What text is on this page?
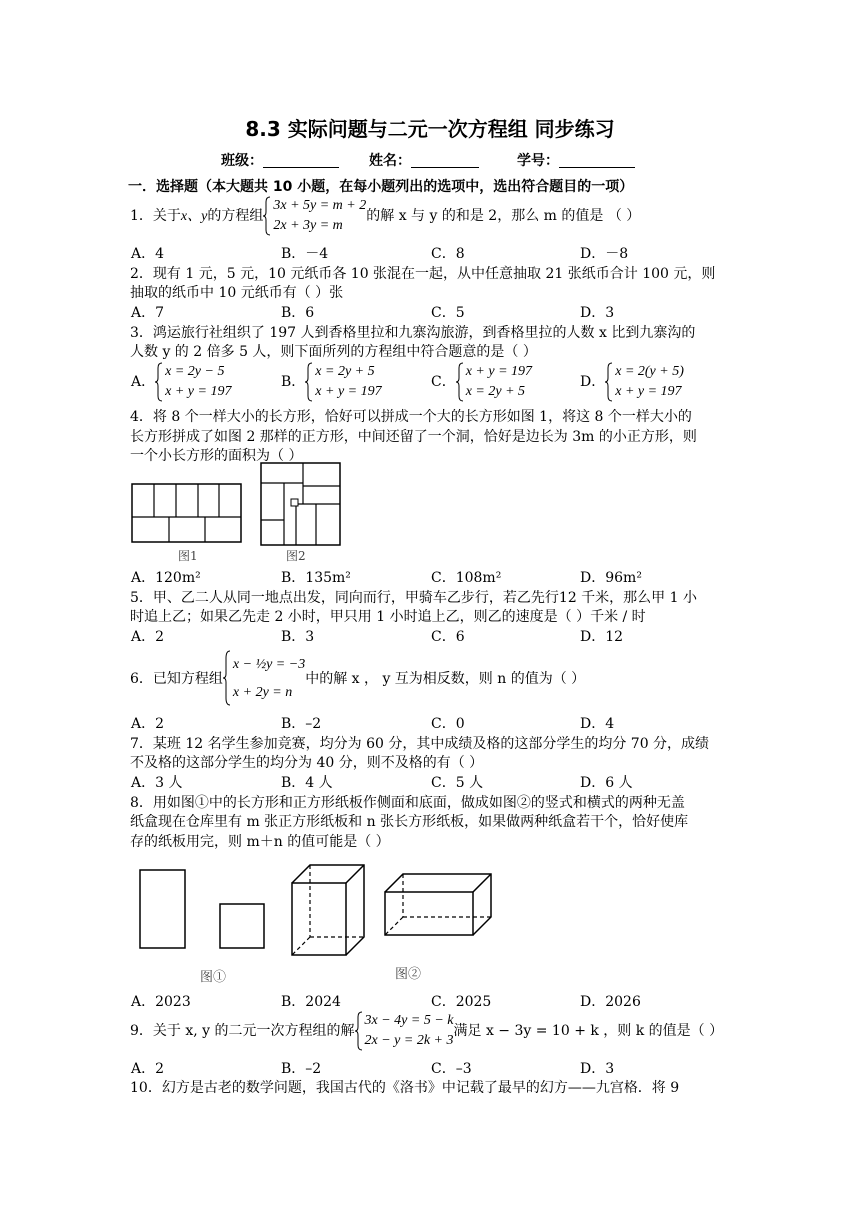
8.3 实际问题与二元一次方程组 同步练习
班级：	姓名：	学号：
一．选择题（本大题共 10 小题，在每小题列出的选项中，选出符合题目的一项）
1．关于x、y的方程组
3x + 5y = m + 2
2x + 3y = m
的解 x 与 y 的和是 2，那么 m 的值是 （ ）
A．4	B．－4	C．8	D．－8
2．现有 1 元，5 元，10 元纸币各 10 张混在一起，从中任意抽取 21 张纸币合计 100 元，则
抽取的纸币中 10 元纸币有（ ）张
A．7	B．6	C．5	D．3
3．鸿运旅行社组织了 197 人到香格里拉和九寨沟旅游，到香格里拉的人数 x 比到九寨沟的
人数 y 的 2 倍多 5 人，则下面所列的方程组中符合题意的是（ ）
A．
x = 2y − 5
x + y = 197
B．
x = 2y + 5
x + y = 197
C．
x + y = 197
x = 2y + 5
D．
x = 2(y + 5)
x + y = 197
4．将 8 个一样大小的长方形，恰好可以拼成一个大的长方形如图 1，将这 8 个一样大小的
长方形拼成了如图 2 那样的正方形，中间还留了一个洞，恰好是边长为 3m 的小正方形，则
一个小长方形的面积为（ ）
图1	图2
A．120m²	B．135m²	C．108m²	D．96m²
5．甲、乙二人从同一地点出发，同向而行，甲骑车乙步行，若乙先行12 千米，那么甲 1 小
时追上乙；如果乙先走 2 小时，甲只用 1 小时追上乙，则乙的速度是（ ）千米 / 时
A．2	B．3	C．6	D．12
6．已知方程组
x − ½y = −3
x + 2y = n
中的解 x ， y 互为相反数，则 n 的值为（ ）
A．2	B．–2	C．0	D．4
7．某班 12 名学生参加竞赛，均分为 60 分，其中成绩及格的这部分学生的均分 70 分，成绩
不及格的这部分学生的均分为 40 分，则不及格的有（ ）
A．3 人	B．4 人	C．5 人	D．6 人
8．用如图①中的长方形和正方形纸板作侧面和底面，做成如图②的竖式和横式的两种无盖
纸盒现在仓库里有 m 张正方形纸板和 n 张长方形纸板，如果做两种纸盒若干个，恰好使库
存的纸板用完，则 m＋n 的值可能是（ ）
图①	图②
A．2023	B．2024	C．2025	D．2026
9．关于 x, y 的二元一次方程组的解
3x − 4y = 5 − k
2x − y = 2k + 3
满足 x − 3y = 10 + k ，则 k 的值是（ ）
A．2	B．–2	C．–3	D．3
10．幻方是古老的数学问题，我国古代的《洛书》中记载了最早的幻方——九宫格．将 9
